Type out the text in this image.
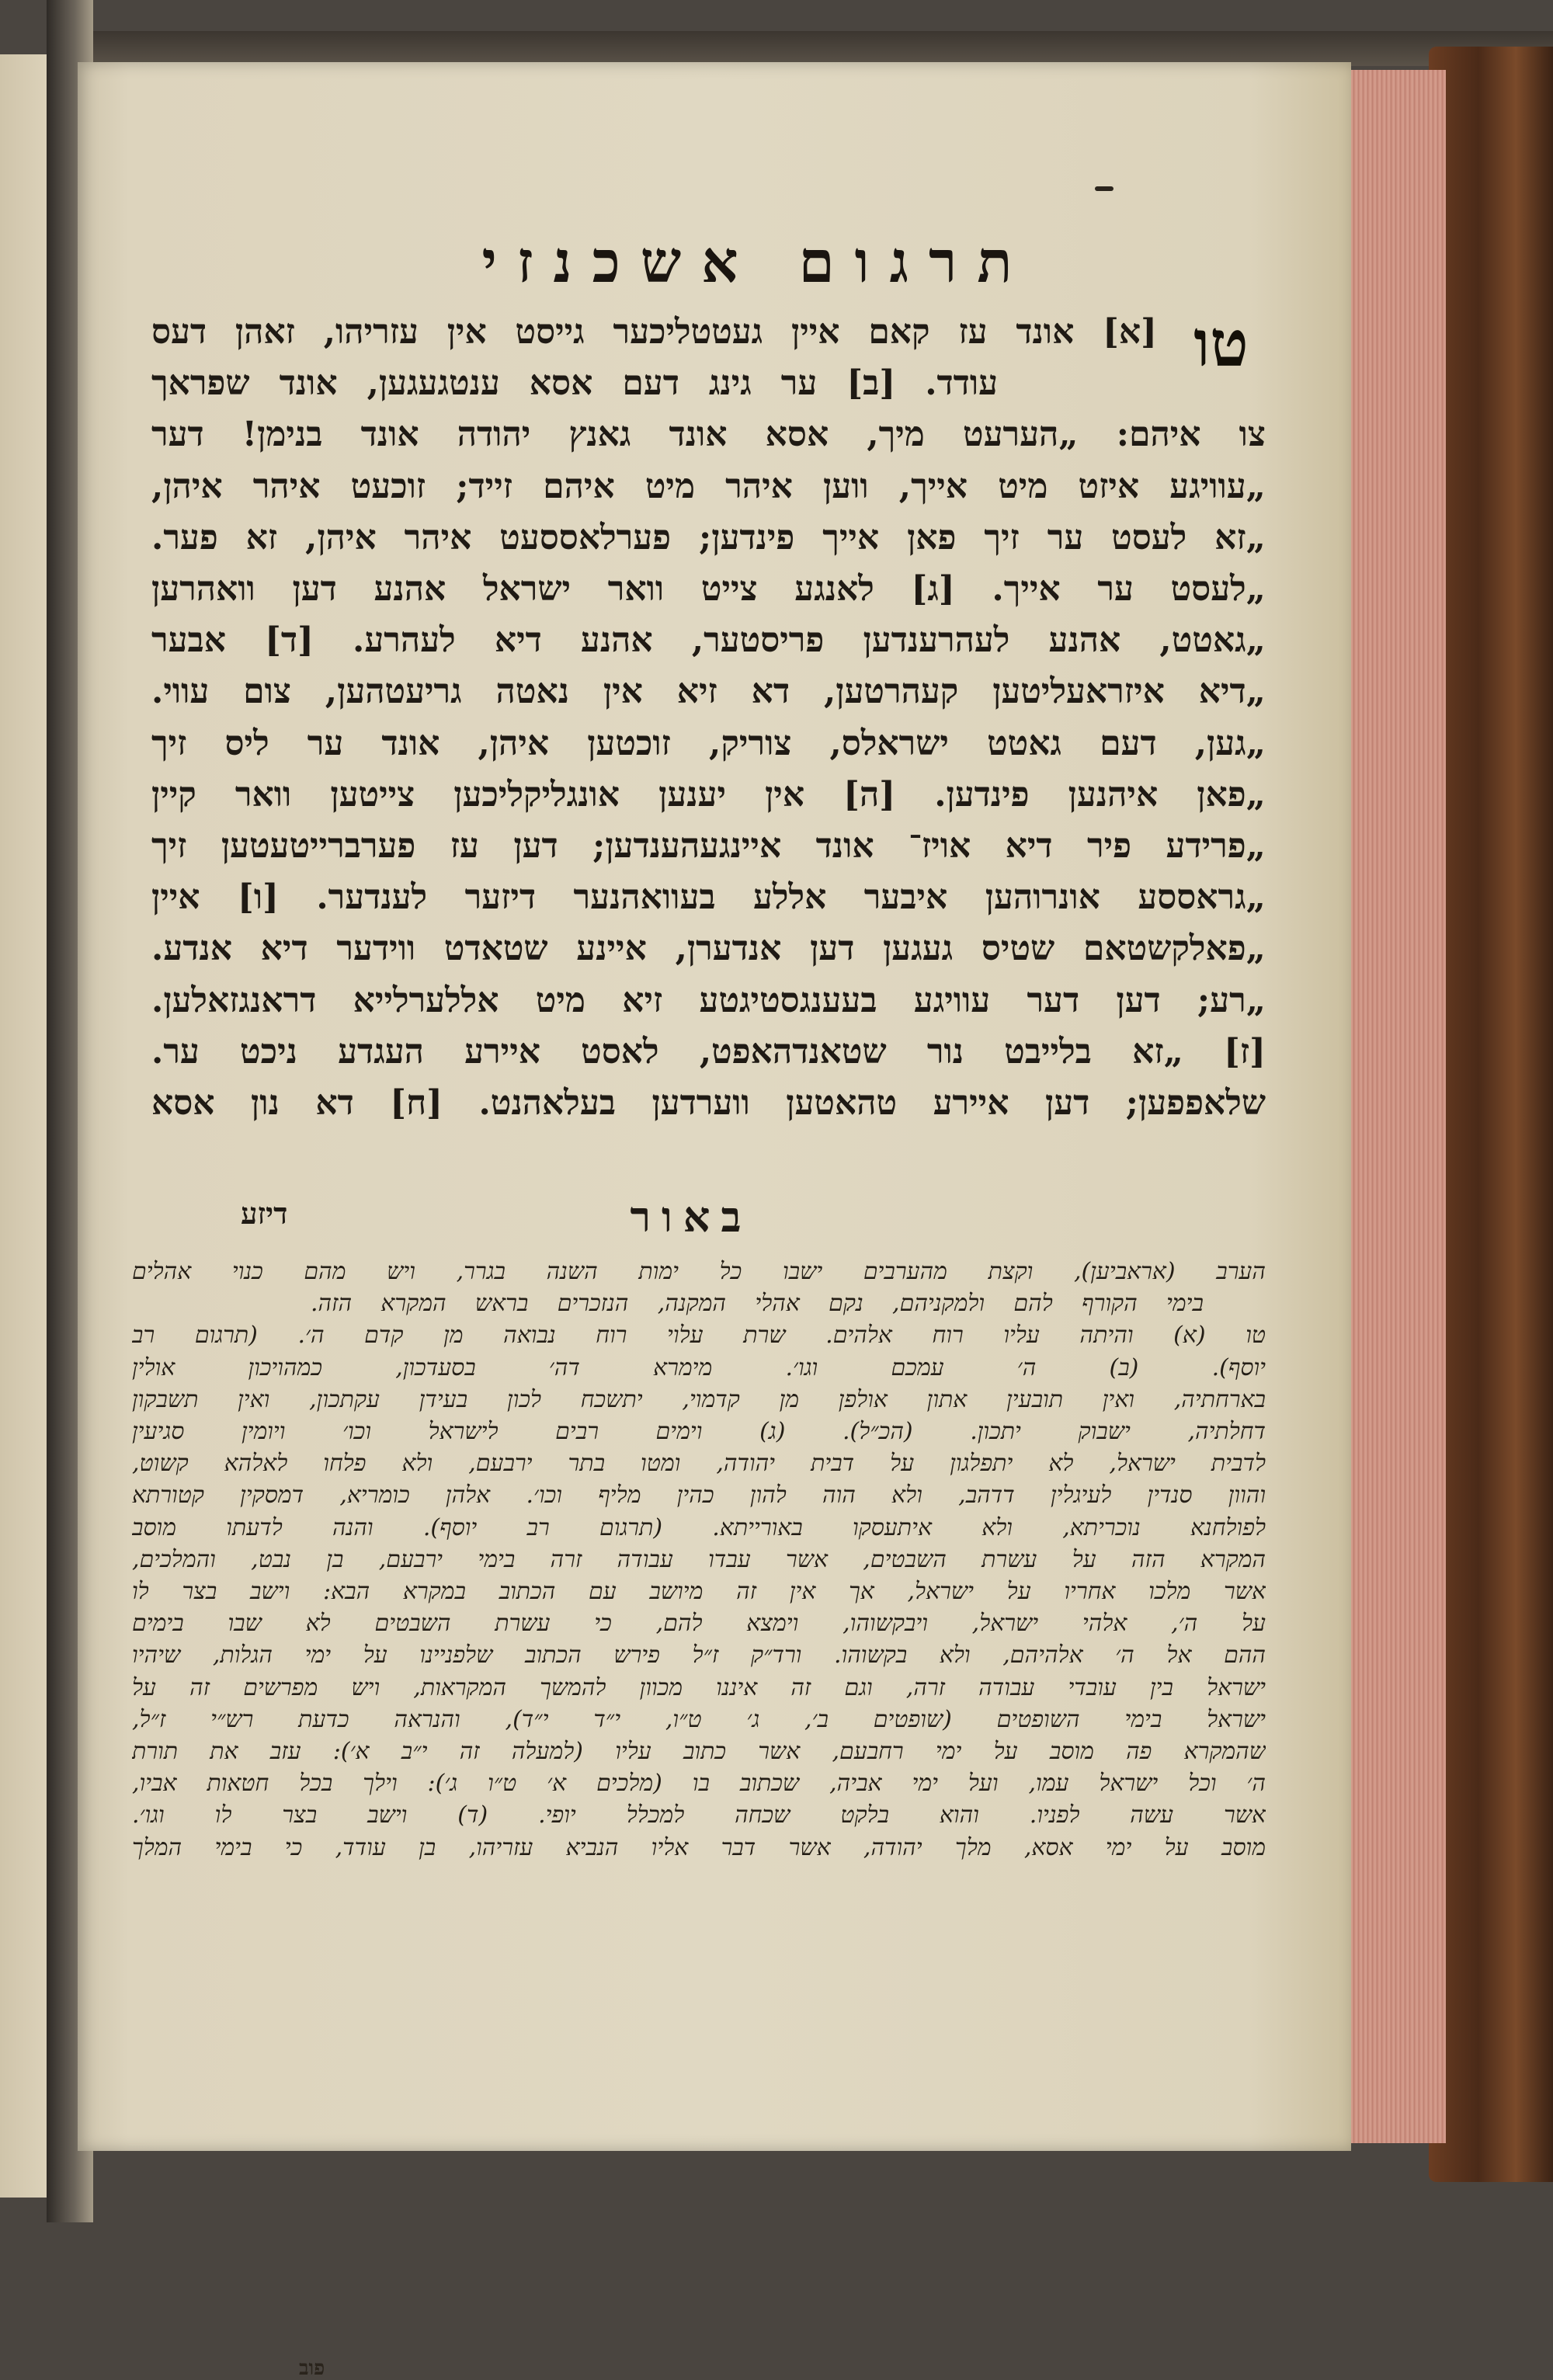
תרגום אשכנזי
טו
[א] אונד עז קאם איין געטטליכער גייסט אין עזריהו, זאהן דעס
עודד. [ב] ער גינג דעם אסא ענטגעגען, אונד שפראך
צו איהם: „הערעט מיך, אסא אונד גאנץ יהודה אונד בנימן! דער
„עוויגע איזט מיט אייך, ווען איהר מיט איהם זייד; זוכעט איהר איהן,
„זא לעסט ער זיך פאן אייך פינדען; פערלאססעט איהר איהן, זא פער.
„לעסט ער אייך. [ג] לאנגע צייט וואר ישראל אהנע דען וואהרען
„גאטט, אהנע לעהרענדען פריסטער, אהנע דיא לעהרע. [ד] אבער
„דיא איזראעליטען קעהרטען, דא זיא אין נאטה גריעטהען, צום עווי.
„גען, דעם גאטט ישראלס, צוריק, זוכטען איהן, אונד ער ליס זיך
„פאן איהנען פינדען. [ה] אין יענען אונגליקליכען צייטען וואר קיין
„פרידע פיר דיא אויז־ אונד איינגעהענדען; דען עז פערברייטעטען זיך
„גראססע אונרוהען איבער אללע בעוואהנער דיזער לענדער. [ו] איין
„פאלקשטאם שטיס געגען דען אנדערן, איינע שטאדט ווידער דיא אנדע.
„רע; דען דער עוויגע בעענגסטיגטע זיא מיט אללערלייא דראנגזאלען.
[ז] „זא בלייבט נור שטאנדהאפט, לאסט איירע העגדע ניכט ער.
שלאפפען; דען איירע טהאטען ווערדען בעלאהנט. [ח] דא נון אסא
דיזע	באור
הערב (אראביען), וקצת מהערבים ישבו כל ימות השנה בגרר, ויש מהם כנוי אהלים
בימי הקורף להם ולמקניהם, נקם אהלי המקנה, הנזכרים בראש המקרא הזה.
טו (א) והיתה עליו רוח אלהים. שרת עלוי רוח נבואה מן קדם ה׳. (תרגום רב
יוסף). (ב) ה׳ עמכם וגו׳. מימרא דה׳ בסעדכון, כמהויכון אולין
בארחתיה, ואין תובעין אתון אולפן מן קדמוי, יתשכח לכון בעידן עקתכון, ואין תשבקון
דחלתיה, ישבוק יתכון. (הכ״ל). (ג) וימים רבים לישראל וכו׳ ויומין סגיעין
לדבית ישראל, לא יתפלגון על דבית יהודה, ומטו בתר ירבעם, ולא פלחו לאלהא קשוט,
והוון סנדין לעיגלין דדהב, ולא הוה להון כהין מליף וכו׳. אלהן כומריא, דמסקין קטורתא
לפולחנא נוכריתא, ולא איתעסקו באורייתא. (תרגום רב יוסף). והנה לדעתו מוסב
המקרא הזה על עשרת השבטים, אשר עבדו עבודה זרה בימי ירבעם, בן נבט, והמלכים,
אשר מלכו אחריו על ישראל, אך אין זה מיושב עם הכתוב במקרא הבא: וישב בצר לו
על ה׳, אלהי ישראל, ויבקשוהו, וימצא להם, כי עשרת השבטים לא שבו בימים
ההם אל ה׳ אלהיהם, ולא בקשוהו. ורד״ק ז״ל פירש הכתוב שלפניינו על ימי הגלות, שיהיו
ישראל בין עובדי עבודה זרה, וגם זה איננו מכוון להמשך המקראות, ויש מפרשים זה על
ישראל בימי השופטים (שופטים ב׳, ג׳ ט״ו, י״ד י״ד), והנראה כדעת רש״י ז״ל,
שהמקרא פה מוסב על ימי רחבעם, אשר כתוב עליו (למעלה זה י״ב א׳): עזב את תורת
ה׳ וכל ישראל עמו, ועל ימי אביה, שכתוב בו (מלכים א׳ ט״ו ג׳): וילך בכל חטאות אביו,
אשר עשה לפניו. והוא בלקט שכחה למכלל יופי. (ד) וישב בצר לו וגו׳.
מוסב על ימי אסא, מלך יהודה, אשר דבר אליו הנביא עזריהו, בן עודד, כי בימי המלך
פוב
